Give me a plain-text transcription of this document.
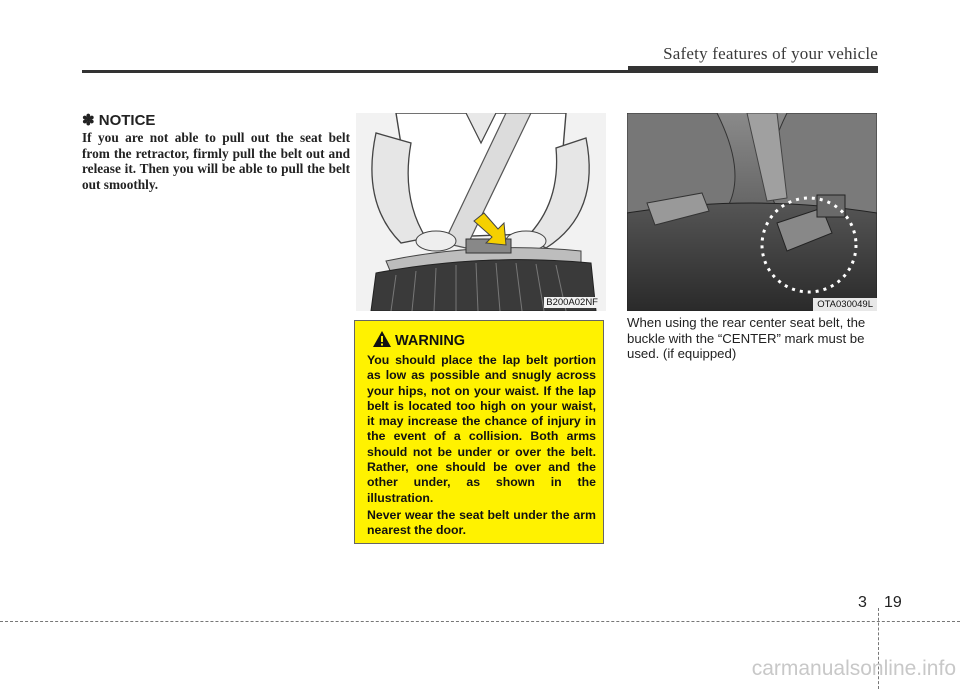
Safety features of your vehicle
✽ NOTICE
If you are not able to pull out the seat belt from the retractor, firmly pull the belt out and release it. Then you will be able to pull the belt out smoothly.
B200A02NF	OTA030049L
WARNING

You should place the lap belt portion as low as possible and snugly across your hips, not on your waist. If the lap belt is located too high on your waist, it may increase the chance of injury in the event of a collision. Both arms should not be under or over the belt. Rather, one should be over and the other under, as shown in the illustration.

Never wear the seat belt under the arm nearest the door.

When using the rear center seat belt, the buckle with the “CENTER” mark must be used. (if equipped)
3 19
carmanualsonline.info
